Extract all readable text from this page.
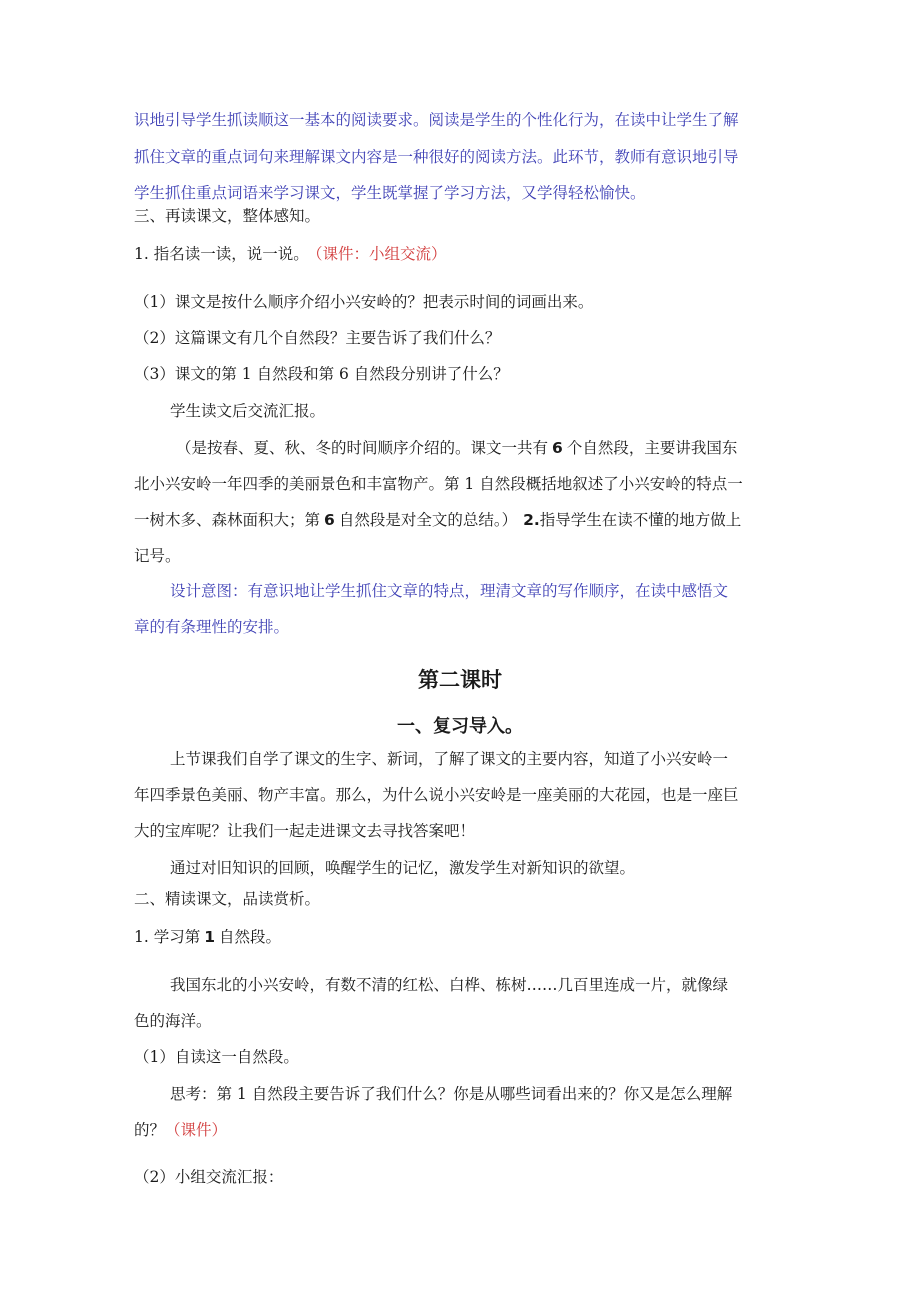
识地引导学生抓读顺这一基本的阅读要求。阅读是学生的个性化行为，在读中让学生了解
抓住文章的重点词句来理解课文内容是一种很好的阅读方法。此环节，教师有意识地引导
学生抓住重点词语来学习课文，学生既掌握了学习方法，又学得轻松愉快。
三、再读课文，整体感知。
1. 指名读一读，说一说。 （课件：小组交流）
（1）课文是按什么顺序介绍小兴安岭的？把表示时间的词画出来。
（2）这篇课文有几个自然段？主要告诉了我们什么？
（3）课文的第 1 自然段和第 6 自然段分别讲了什么？
学生读文后交流汇报。
（是按春、夏、秋、冬的时间顺序介绍的。课文一共有 6 个自然段，主要讲我国东
北小兴安岭一年四季的美丽景色和丰富物产。第 1 自然段概括地叙述了小兴安岭的特点一
一树木多、森林面积大；第 6 自然段是对全文的总结。） 2.指导学生在读不懂的地方做上
记号。
设计意图：有意识地让学生抓住文章的特点，理清文章的写作顺序，在读中感悟文
章的有条理性的安排。
第二课时
一、复习导入。
上节课我们自学了课文的生字、新词，了解了课文的主要内容，知道了小兴安岭一
年四季景色美丽、物产丰富。那么，为什么说小兴安岭是一座美丽的大花园，也是一座巨
大的宝库呢？让我们一起走进课文去寻找答案吧！
通过对旧知识的回顾，唤醒学生的记忆，激发学生对新知识的欲望。
二、精读课文，品读赏析。
1. 学习第 1 自然段。
我国东北的小兴安岭，有数不清的红松、白桦、栋树……几百里连成一片，就像绿
色的海洋。
（1）自读这一自然段。
思考：第 1 自然段主要告诉了我们什么？你是从哪些词看出来的？你又是怎么理解
的？（课件）
（2）小组交流汇报：
